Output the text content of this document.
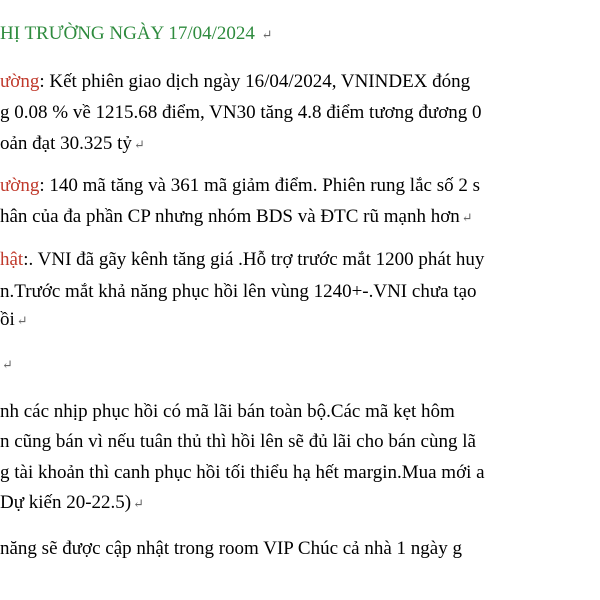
HỊ TRƯỜNG NGÀY 17/04/2024 ↵
ường: Kết phiên giao dịch ngày 16/04/2024, VNINDEX đóng
g 0.08 % về 1215.68 điểm, VN30 tăng 4.8 điểm tương đương 0
oản đạt 30.325 tỷ ↵
ường: 140 mã tăng và 361 mã giảm điểm. Phiên rung lắc số 2 s
hân của đa phần CP nhưng nhóm BDS và ĐTC rũ mạnh hơn ↵
hật:. VNI đã gãy kênh tăng giá .Hỗ trợ trước mắt 1200 phát huy
n.Trước mắt khả năng phục hồi lên vùng 1240+-.VNI chưa tạo
ồi ↵
↵
nh các nhịp phục hồi có mã lãi bán toàn bộ.Các mã kẹt hôm
n cũng bán vì nếu tuân thủ thì hồi lên sẽ đủ lãi cho bán cùng lã
g tài khoản thì canh phục hồi tối thiểu hạ hết margin.Mua mới a
Dự kiến 20-22.5) ↵
năng sẽ được cập nhật trong room VIP Chúc cả nhà 1 ngày g
